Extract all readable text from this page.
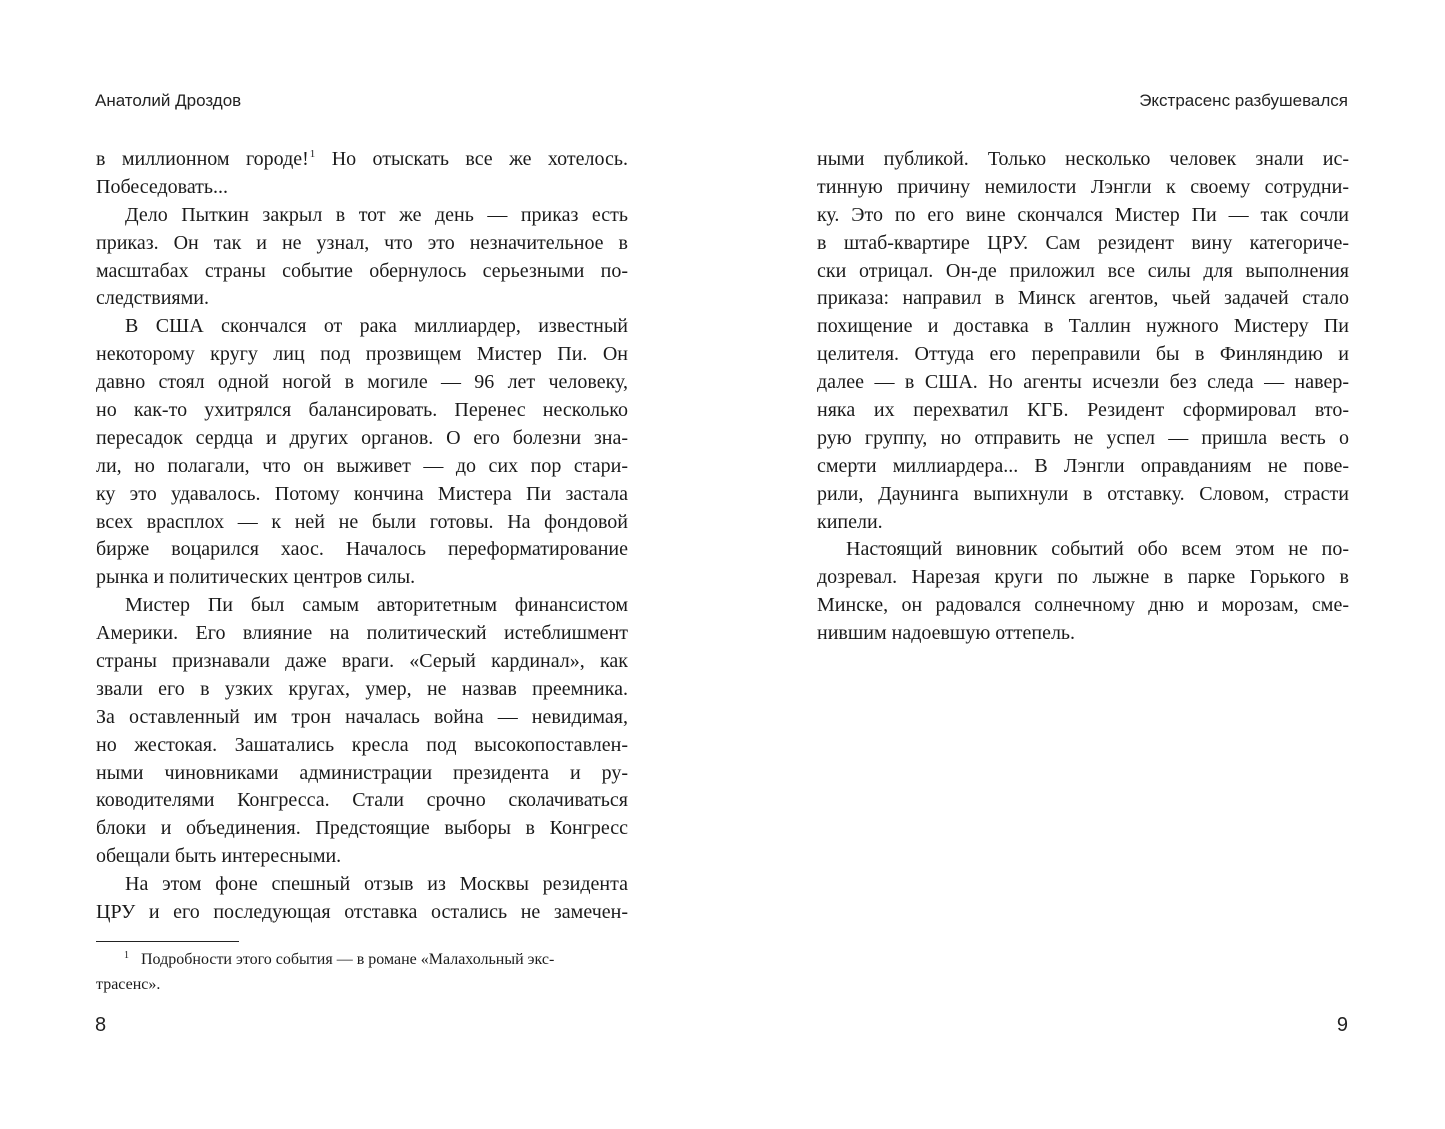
Анатолий Дроздов
в миллионном городе!$^1$ Но отыскать все же хотелось.
Побеседовать...
Дело Пыткин закрыл в тот же день — приказ есть
приказ. Он так и не узнал, что это незначительное в
масштабах страны событие обернулось серьезными по-
следствиями.
В США скончался от рака миллиардер, известный
некоторому кругу лиц под прозвищем Мистер Пи. Он
давно стоял одной ногой в могиле — 96 лет человеку,
но как-то ухитрялся балансировать. Перенес несколько
пересадок сердца и других органов. О его болезни зна-
ли, но полагали, что он выживет — до сих пор стари-
ку это удавалось. Потому кончина Мистера Пи застала
всех врасплох — к ней не были готовы. На фондовой
бирже воцарился хаос. Началось переформатирование
рынка и политических центров силы.
Мистер Пи был самым авторитетным финансистом
Америки. Его влияние на политический истеблишмент
страны признавали даже враги. «Серый кардинал», как
звали его в узких кругах, умер, не назвав преемника.
За оставленный им трон началась война — невидимая,
но жестокая. Зашатались кресла под высокопоставлен-
ными чиновниками администрации президента и ру-
ководителями Конгресса. Стали срочно сколачиваться
блоки и объединения. Предстоящие выборы в Конгресс
обещали быть интересными.
На этом фоне спешный отзыв из Москвы резидента
ЦРУ и его последующая отставка остались не замечен-
$^1$ Подробности этого события — в романе «Малахольный экс-
трасенс».
8
Экстрасенс разбушевался
ными публикой. Только несколько человек знали ис-
тинную причину немилости Лэнгли к своему сотрудни-
ку. Это по его вине скончался Мистер Пи — так сочли
в штаб-квартире ЦРУ. Сам резидент вину категориче-
ски отрицал. Он-де приложил все силы для выполнения
приказа: направил в Минск агентов, чьей задачей стало
похищение и доставка в Таллин нужного Мистеру Пи
целителя. Оттуда его переправили бы в Финляндию и
далее — в США. Но агенты исчезли без следа — навер-
няка их перехватил КГБ. Резидент сформировал вто-
рую группу, но отправить не успел — пришла весть о
смерти миллиардера... В Лэнгли оправданиям не пове-
рили, Даунинга выпихнули в отставку. Словом, страсти
кипели.
Настоящий виновник событий обо всем этом не по-
дозревал. Нарезая круги по лыжне в парке Горького в
Минске, он радовался солнечному дню и морозам, сме-
нившим надоевшую оттепель.
9
